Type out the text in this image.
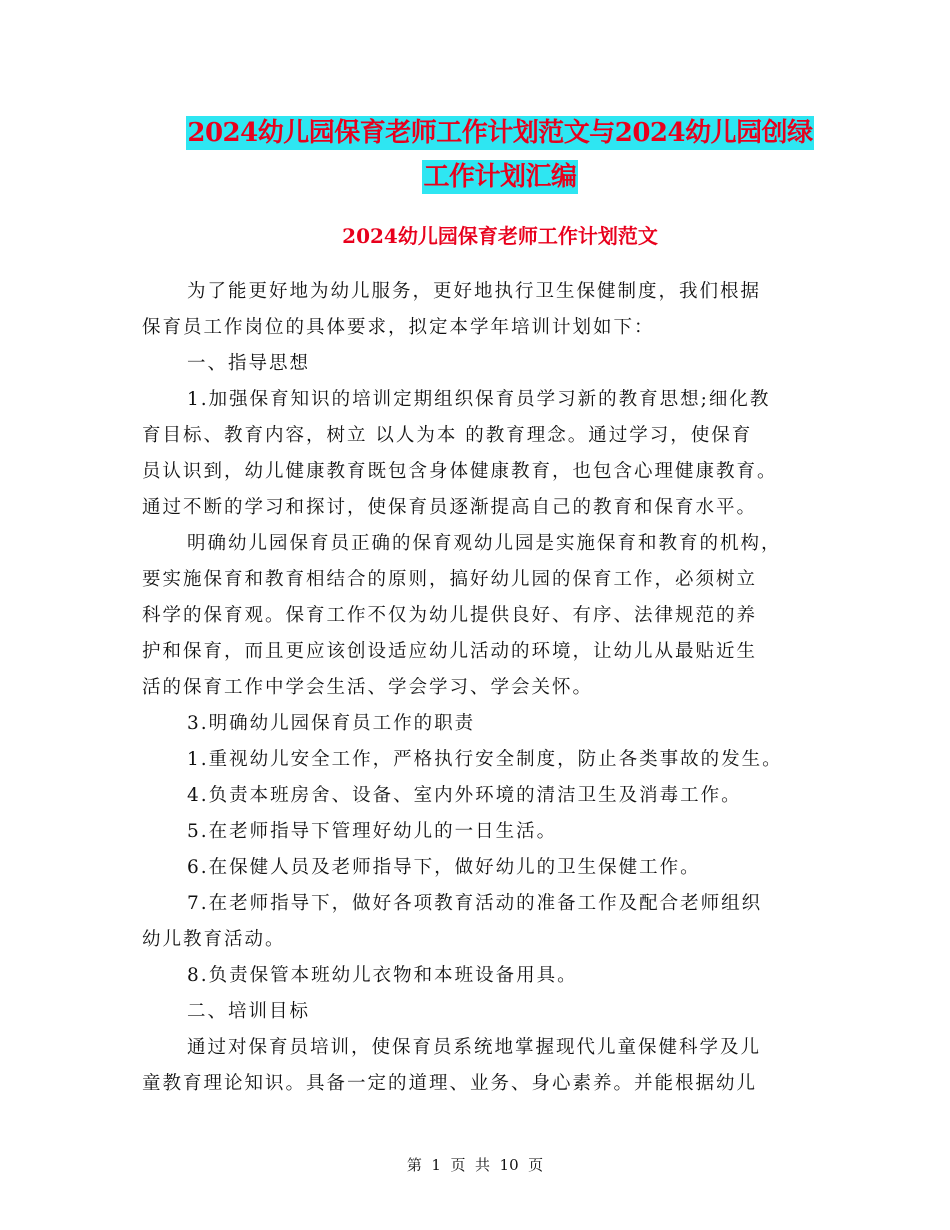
2024幼儿园保育老师工作计划范文与2024幼儿园创绿
工作计划汇编
2024幼儿园保育老师工作计划范文
为了能更好地为幼儿服务，更好地执行卫生保健制度，我们根据
保育员工作岗位的具体要求，拟定本学年培训计划如下：
一、指导思想
1.加强保育知识的培训定期组织保育员学习新的教育思想;细化教
育目标、教育内容，树立 以人为本 的教育理念。通过学习，使保育
员认识到，幼儿健康教育既包含身体健康教育，也包含心理健康教育。
通过不断的学习和探讨，使保育员逐渐提高自己的教育和保育水平。
明确幼儿园保育员正确的保育观幼儿园是实施保育和教育的机构，
要实施保育和教育相结合的原则，搞好幼儿园的保育工作，必须树立
科学的保育观。保育工作不仅为幼儿提供良好、有序、法律规范的养
护和保育，而且更应该创设适应幼儿活动的环境，让幼儿从最贴近生
活的保育工作中学会生活、学会学习、学会关怀。
3.明确幼儿园保育员工作的职责
1.重视幼儿安全工作，严格执行安全制度，防止各类事故的发生。
4.负责本班房舍、设备、室内外环境的清洁卫生及消毒工作。
5.在老师指导下管理好幼儿的一日生活。
6.在保健人员及老师指导下，做好幼儿的卫生保健工作。
7.在老师指导下，做好各项教育活动的准备工作及配合老师组织
幼儿教育活动。
8.负责保管本班幼儿衣物和本班设备用具。
二、培训目标
通过对保育员培训，使保育员系统地掌握现代儿童保健科学及儿
童教育理论知识。具备一定的道理、业务、身心素养。并能根据幼儿
第  1  页  共  10  页
